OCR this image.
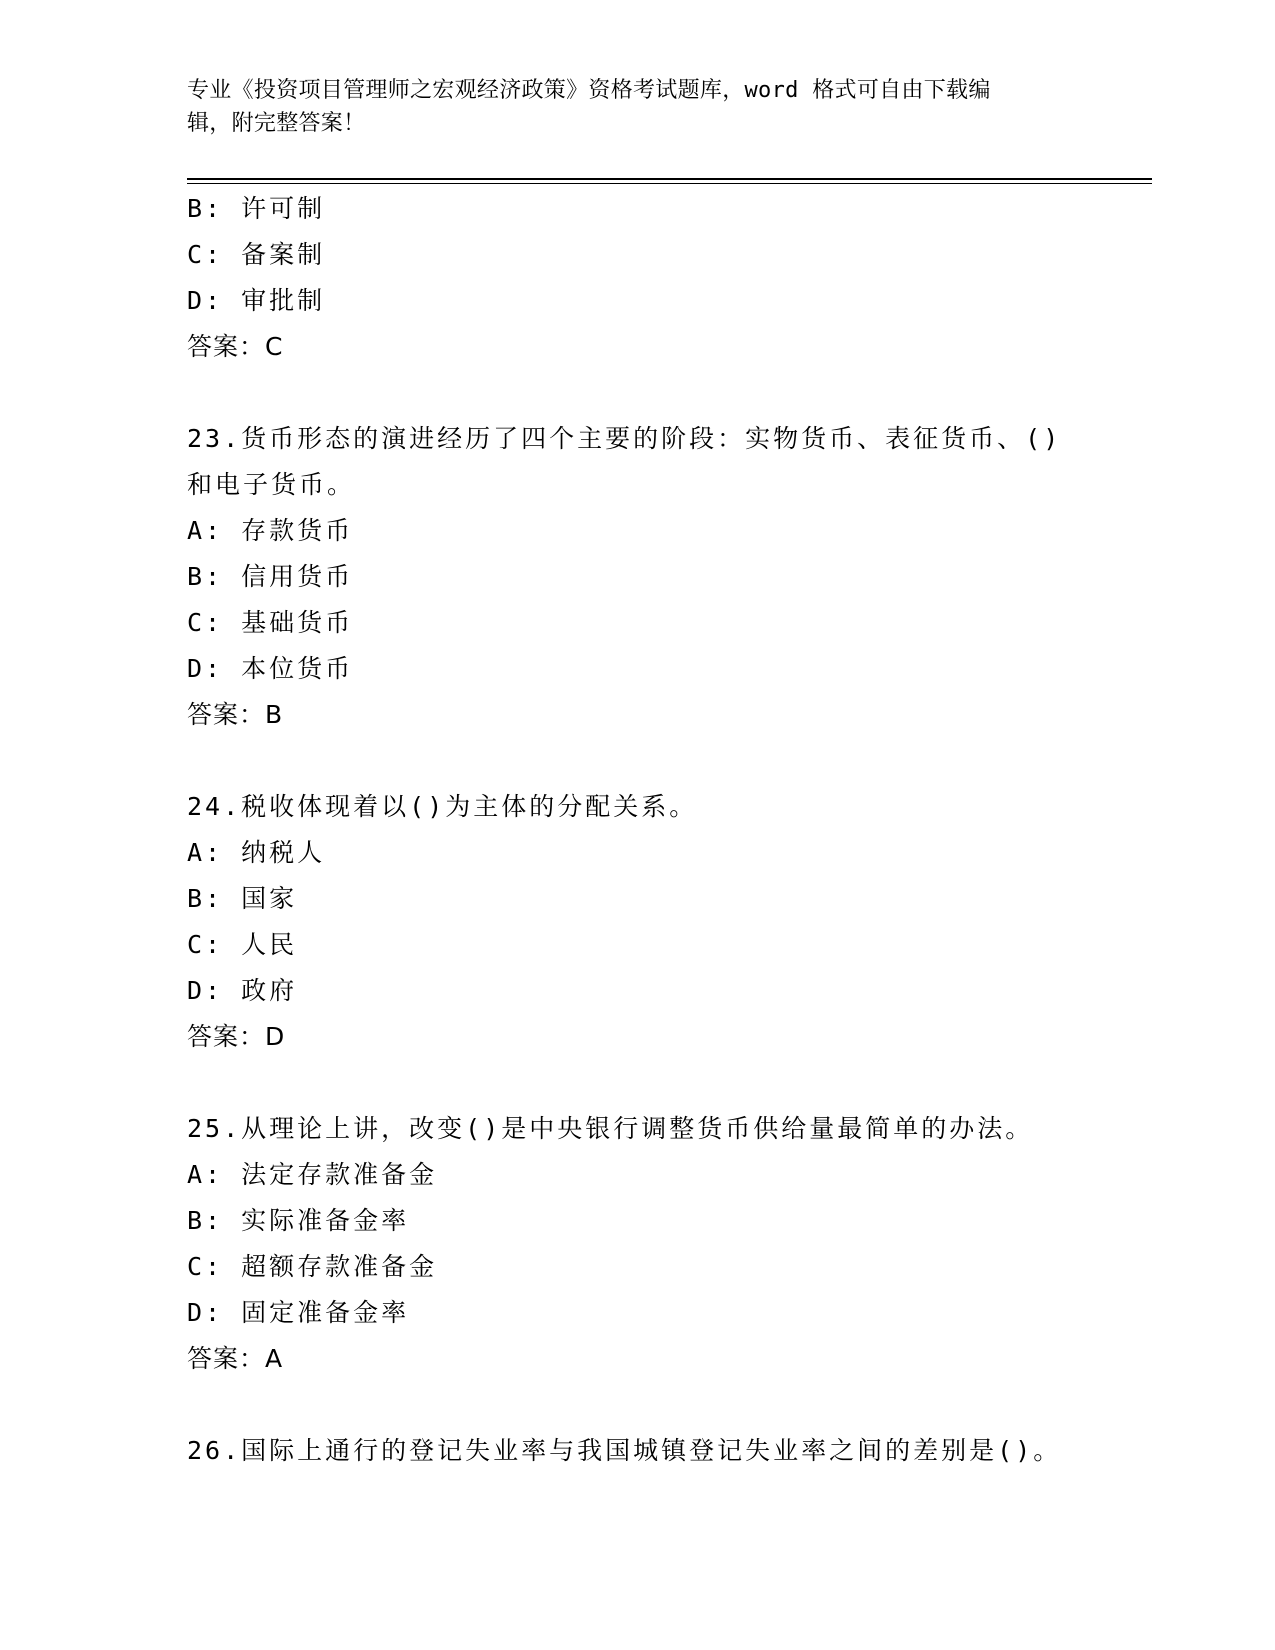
专业《投资项目管理师之宏观经济政策》资格考试题库，word 格式可自由下载编
辑，附完整答案！
B: 许可制
C: 备案制
D: 审批制
答案：C
23.货币形态的演进经历了四个主要的阶段：实物货币、表征货币、()
和电子货币。
A: 存款货币
B: 信用货币
C: 基础货币
D: 本位货币
答案：B
24.税收体现着以()为主体的分配关系。
A: 纳税人
B: 国家
C: 人民
D: 政府
答案：D
25.从理论上讲，改变()是中央银行调整货币供给量最简单的办法。
A: 法定存款准备金
B: 实际准备金率
C: 超额存款准备金
D: 固定准备金率
答案：A
26.国际上通行的登记失业率与我国城镇登记失业率之间的差别是()。
